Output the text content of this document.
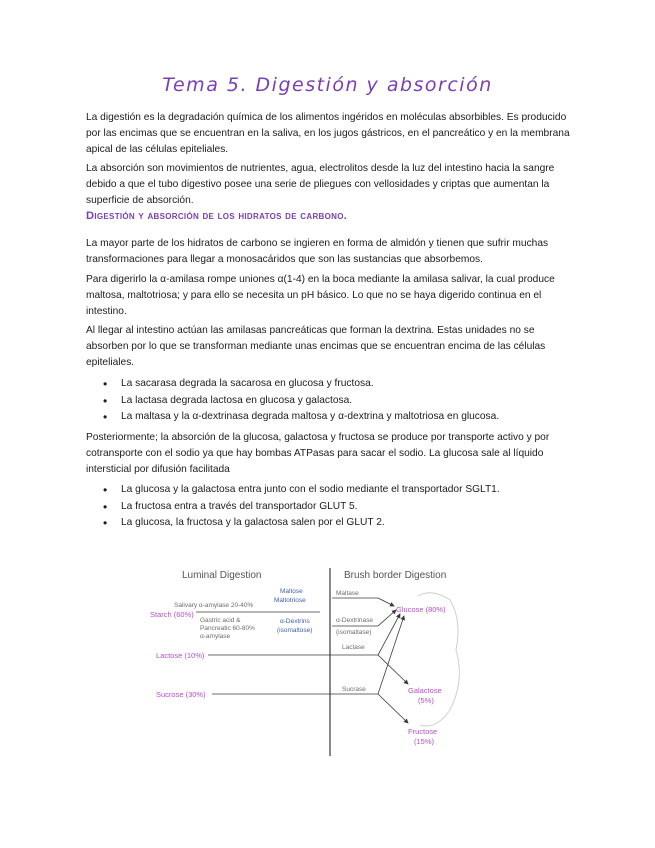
Tema 5. Digestión y absorción

La digestión es la degradación química de los alimentos ingéridos en moléculas absorbibles. Es producido por las encimas que se encuentran en la saliva, en los jugos gástricos, en el pancreático y en la membrana apical de las células epiteliales.

La absorción son movimientos de nutrientes, agua, electrolitos desde la luz del intestino hacia la sangre debido a que el tubo digestivo posee una serie de pliegues con vellosidades y criptas que aumentan la superficie de absorción.

Digestión y absorción de los hidratos de carbono.

La mayor parte de los hidratos de carbono se ingieren en forma de almidón y tienen que sufrir muchas transformaciones para llegar a monosacáridos que son las sustancias que absorbemos.

Para digerirlo la α-amilasa rompe uniones α(1-4) en la boca mediante la amilasa salivar, la cual produce maltosa, maltotriosa; y para ello se necesita un pH básico. Lo que no se haya digerido continua en el intestino.

Al llegar al intestino actúan las amilasas pancreáticas que forman la dextrina. Estas unidades no se absorben por lo que se transforman mediante unas encimas que se encuentran encima de las células epiteliales.

• La sacarasa degrada la sacarosa en glucosa y fructosa.
• La lactasa degrada lactosa en glucosa y galactosa.
• La maltasa y la α-dextrinasa degrada maltosa y α-dextrina y maltotriosa en glucosa.

Posteriormente; la absorción de la glucosa, galactosa y fructosa se produce por transporte activo y por cotransporte con el sodio ya que hay bombas ATPasas para sacar el sodio. La glucosa sale al líquido intersticial por difusión facilitada

• La glucosa y la galactosa entra junto con el sodio mediante el transportador SGLT1.
• La fructosa entra a través del transportador GLUT 5.
• La glucosa, la fructosa y la galactosa salen por el GLUT 2.
Luminal Digestion	Brush border Digestion
Starch (60%)
Salivary α-amylase 20-40%
Gastric acid &
Pancreatic 60-80%
α-amylase
Maltose
Maltotriose
α-Dextrins
(isomaltose)
Maltase
α-Dextrinase
(isomaltase)
Lactase
Lactose (10%)
Sucrose (30%)
Sucrase
Glucose (80%)
Galactose
(5%)
Fructose
(15%)
